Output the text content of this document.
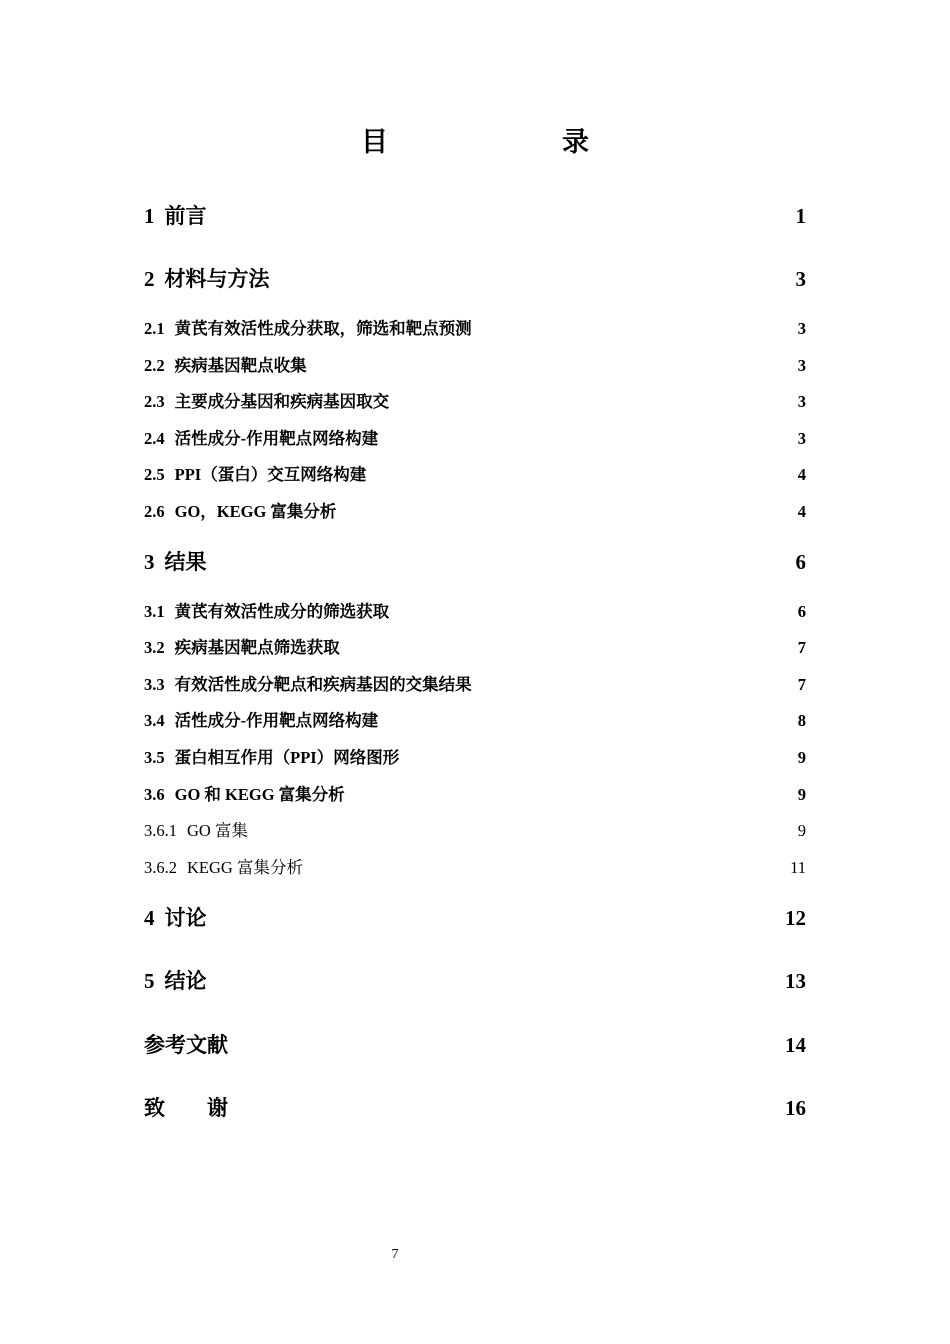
目　　录
1 前言	1
2 材料与方法	3
2.1 黄芪有效活性成分获取，筛选和靶点预测	3
2.2 疾病基因靶点收集	3
2.3 主要成分基因和疾病基因取交	3
2.4 活性成分-作用靶点网络构建	3
2.5 PPI（蛋白）交互网络构建	4
2.6 GO，KEGG 富集分析	4
3 结果	6
3.1 黄芪有效活性成分的筛选获取	6
3.2 疾病基因靶点筛选获取	7
3.3 有效活性成分靶点和疾病基因的交集结果	7
3.4 活性成分-作用靶点网络构建	8
3.5 蛋白相互作用（PPI）网络图形	9
3.6 GO 和 KEGG 富集分析	9
3.6.1 GO 富集	9
3.6.2 KEGG 富集分析	11
4 讨论	12
5 结论	13
参考文献	14
致　　谢	16
7
